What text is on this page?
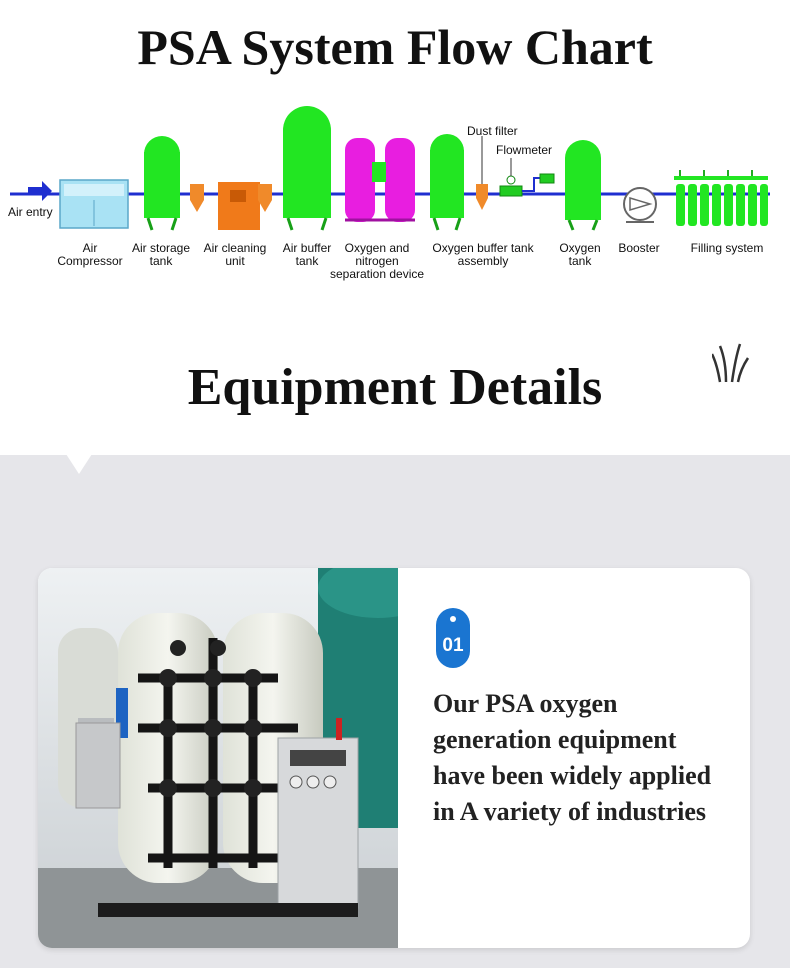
PSA System Flow Chart
Air entry
Dust filter
Flowmeter
Air
Compressor
Air storage
tank
Air cleaning
unit
Air buffer
tank
Oxygen and
nitrogen
separation device
Oxygen buffer tank
assembly
Oxygen
tank
Booster	Filling system
Equipment Details
01

Our PSA oxygen generation equipment have been widely applied in A variety of industries
